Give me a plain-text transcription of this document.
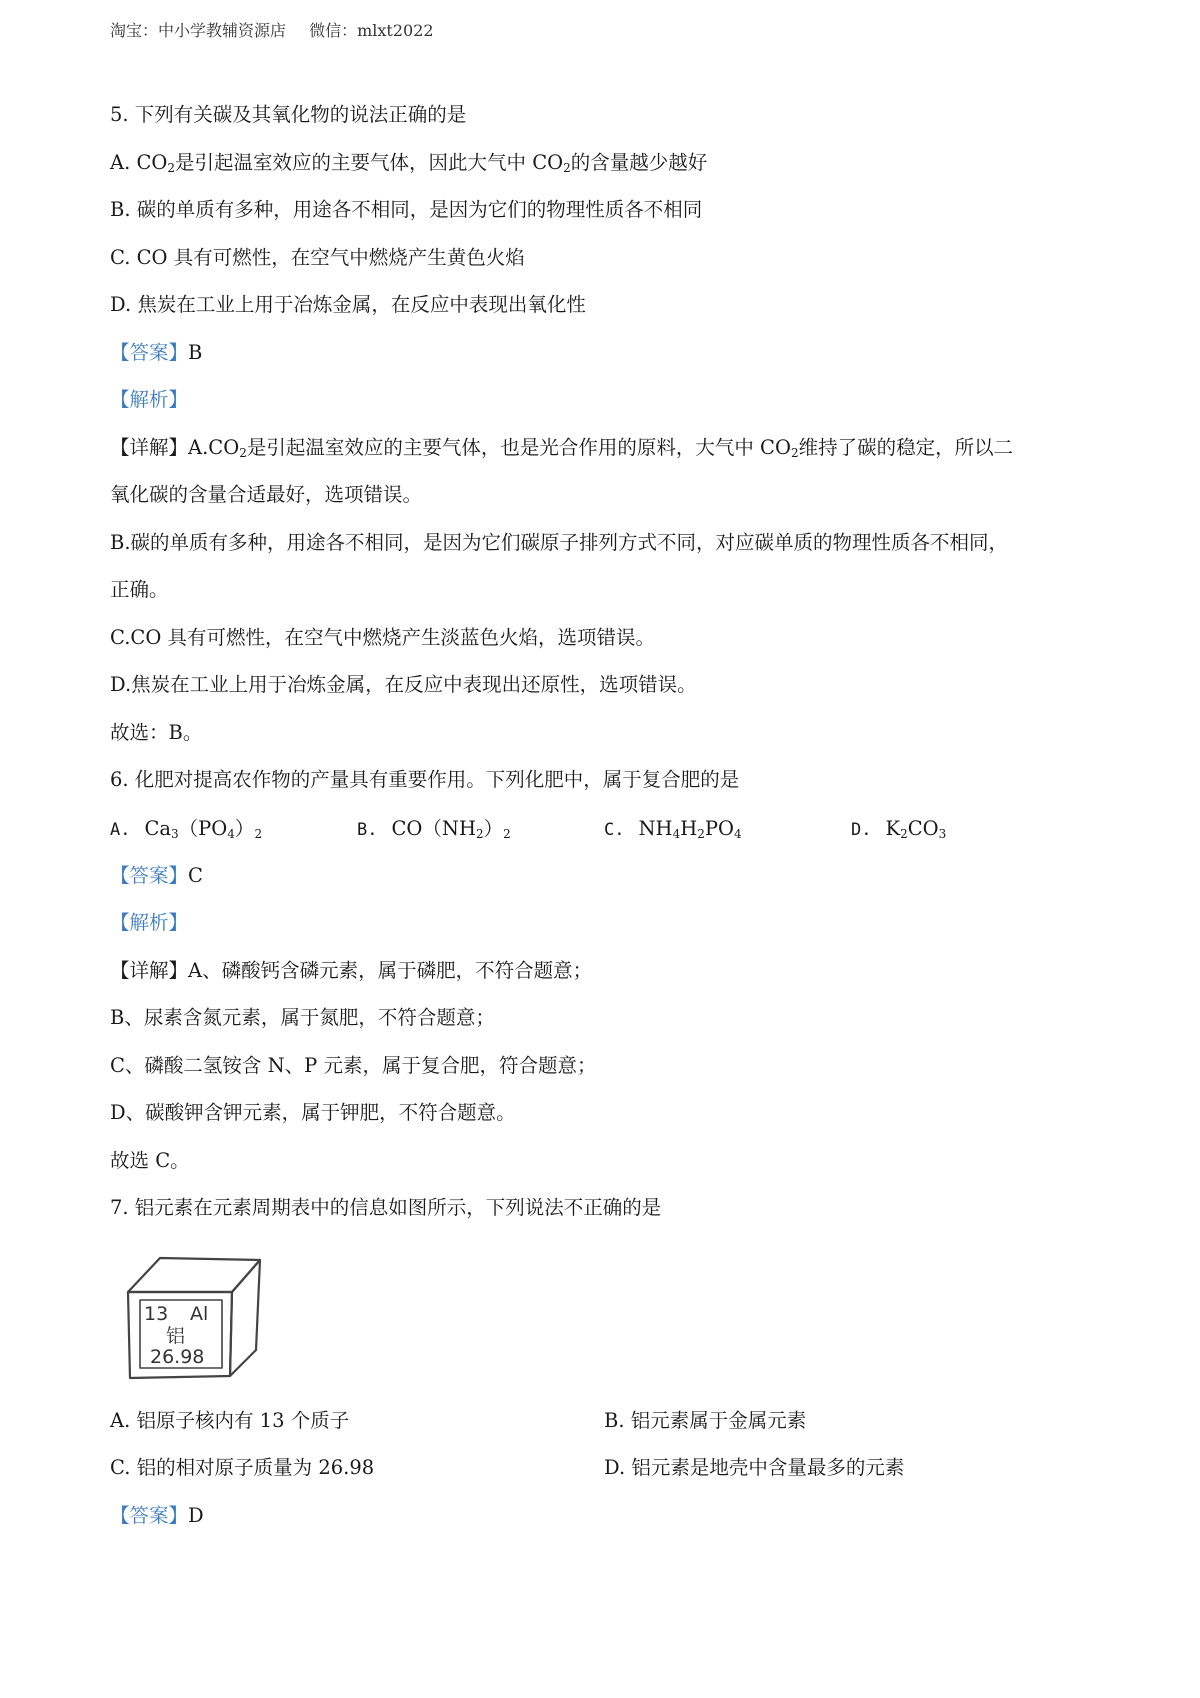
淘宝：中小学教辅资源店 微信：mlxt2022
5. 下列有关碳及其氧化物的说法正确的是
A. $CO_2$是引起温室效应的主要气体，因此大气中 $CO_2$的含量越少越好
B. 碳的单质有多种，用途各不相同，是因为它们的物理性质各不相同
C. CO 具有可燃性，在空气中燃烧产生黄色火焰
D. 焦炭在工业上用于冶炼金属，在反应中表现出氧化性
【答案】B
【解析】
【详解】$A.CO_2$是引起温室效应的主要气体，也是光合作用的原料，大气中 $CO_2$维持了碳的稳定，所以二
氧化碳的含量合适最好，选项错误。
B.碳的单质有多种，用途各不相同，是因为它们碳原子排列方式不同，对应碳单质的物理性质各不相同，
正确。
C.CO 具有可燃性，在空气中燃烧产生淡蓝色火焰，选项错误。
D.焦炭在工业上用于冶炼金属，在反应中表现出还原性，选项错误。
故选：B。
6. 化肥对提高农作物的产量具有重要作用。下列化肥中，属于复合肥的是
A. $Ca_3(PO_4)_2$	B. $CO(NH_2)_2$	C. $NH_4H_2PO_4$	D. $K_2CO_3$
【答案】C
【解析】
【详解】A、磷酸钙含磷元素，属于磷肥，不符合题意；
B、尿素含氮元素，属于氮肥，不符合题意；
C、磷酸二氢铵含 N、P 元素，属于复合肥，符合题意；
D、碳酸钾含钾元素，属于钾肥，不符合题意。
故选 C。
7. 铝元素在元素周期表中的信息如图所示，下列说法不正确的是
13 Al
铝
26.98
A. 铝原子核内有 13 个质子	B. 铝元素属于金属元素
C. 铝的相对原子质量为 26.98	D. 铝元素是地壳中含量最多的元素
【答案】D
